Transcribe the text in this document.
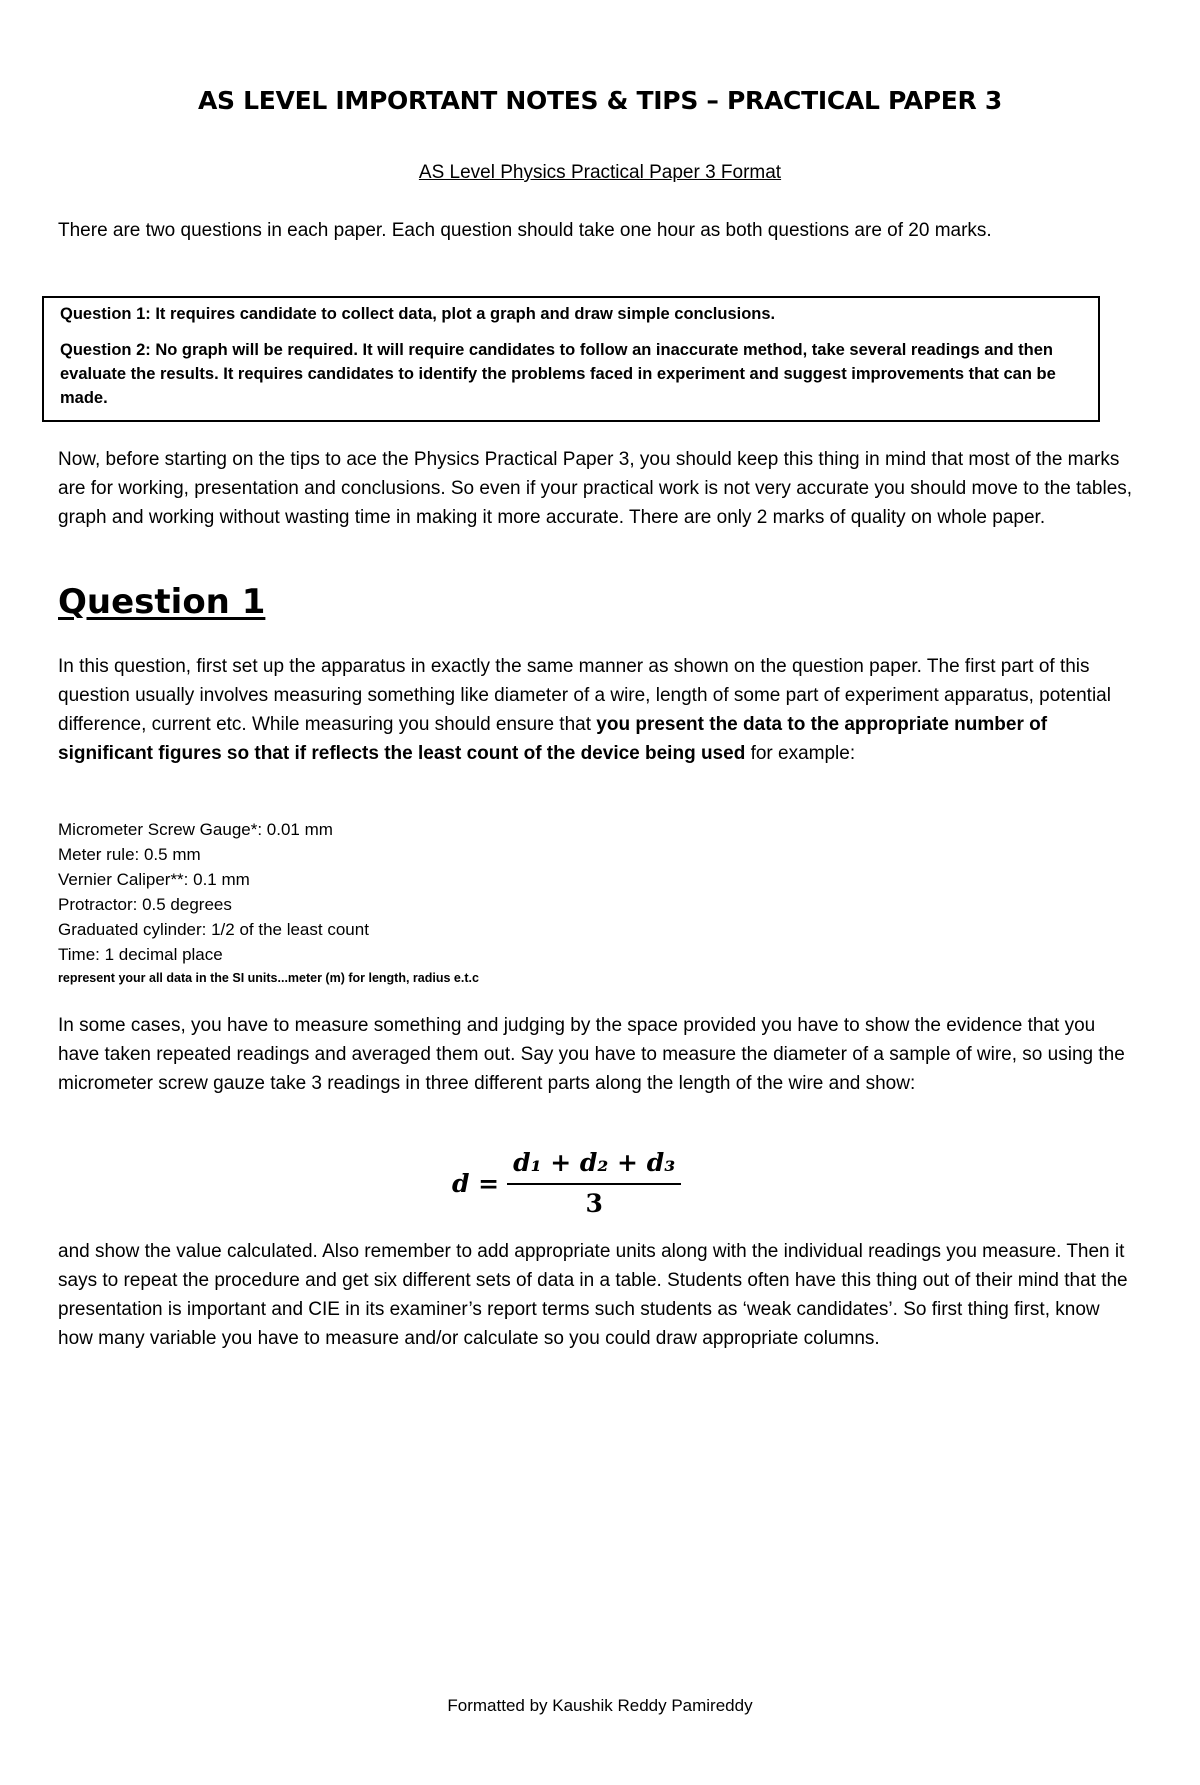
AS LEVEL IMPORTANT NOTES & TIPS – PRACTICAL PAPER 3
AS Level Physics Practical Paper 3 Format
There are two questions in each paper. Each question should take one hour as both questions are of 20 marks.

Question 1: It requires candidate to collect data, plot a graph and draw simple conclusions.

Question 2: No graph will be required. It will require candidates to follow an inaccurate method, take several readings and then evaluate the results. It requires candidates to identify the problems faced in experiment and suggest improvements that can be made.

Now, before starting on the tips to ace the Physics Practical Paper 3, you should keep this thing in mind that most of the marks are for working, presentation and conclusions. So even if your practical work is not very accurate you should move to the tables, graph and working without wasting time in making it more accurate. There are only 2 marks of quality on whole paper.
Question 1
In this question, first set up the apparatus in exactly the same manner as shown on the question paper. The first part of this question usually involves measuring something like diameter of a wire, length of some part of experiment apparatus, potential difference, current etc. While measuring you should ensure that you present the data to the appropriate number of significant figures so that if reflects the least count of the device being used for example:
Micrometer Screw Gauge*: 0.01 mm
Meter rule: 0.5 mm
Vernier Caliper**: 0.1 mm
Protractor: 0.5 degrees
Graduated cylinder: 1/2 of the least count
Time: 1 decimal place
represent your all data in the SI units...meter (m) for length, radius e.t.c
In some cases, you have to measure something and judging by the space provided you have to show the evidence that you have taken repeated readings and averaged them out. Say you have to measure the diameter of a sample of wire, so using the micrometer screw gauze take 3 readings in three different parts along the length of the wire and show:
$d = \frac{\text{d₁ + d₂ + d₃}}{3}$
and show the value calculated. Also remember to add appropriate units along with the individual readings you measure. Then it says to repeat the procedure and get six different sets of data in a table. Students often have this thing out of their mind that the presentation is important and CIE in its examiner’s report terms such students as ‘weak candidates’. So first thing first, know how many variable you have to measure and/or calculate so you could draw appropriate columns.
Formatted by Kaushik Reddy Pamireddy
